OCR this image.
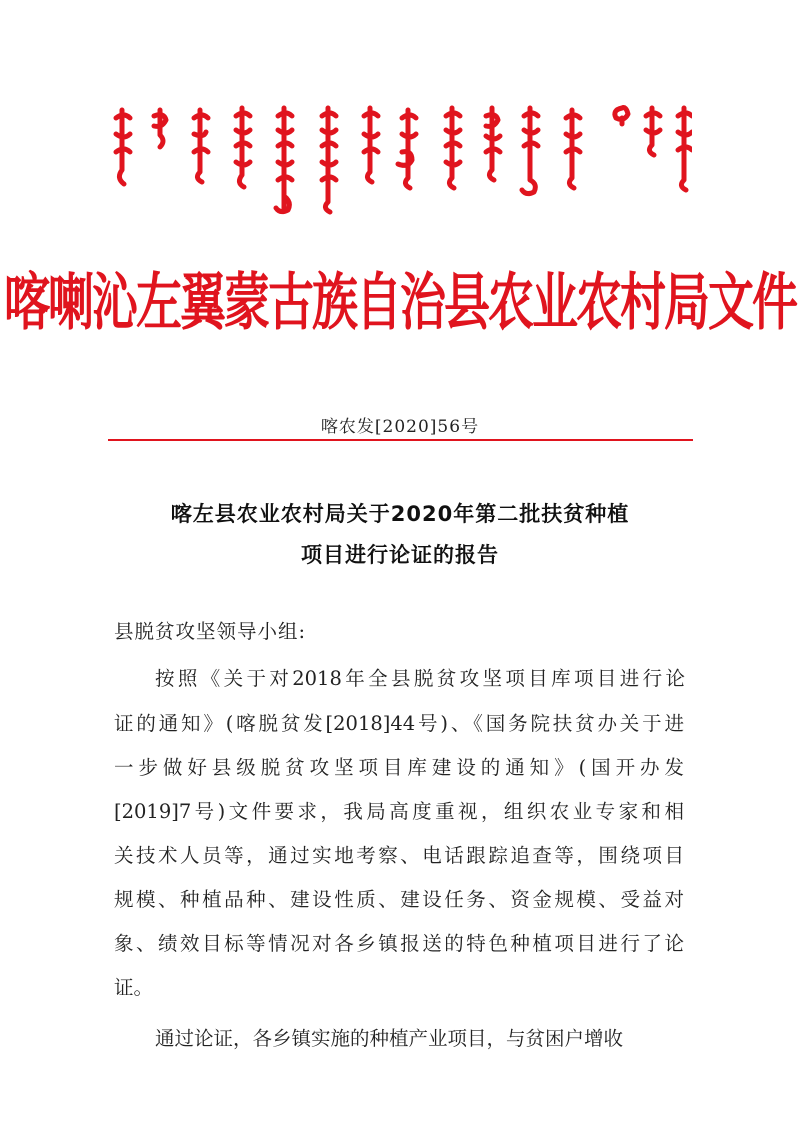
喀喇沁左翼蒙古族自治县农业农村局文件
喀农发[2020]56号
喀左县农业农村局关于2020年第二批扶贫种植
项目进行论证的报告
县脱贫攻坚领导小组:
按照《关于对2018年全县脱贫攻坚项目库项目进行论
证的通知》(喀脱贫发[2018]44号)、《国务院扶贫办关于进
一步做好县级脱贫攻坚项目库建设的通知》(国开办发
[2019]7号)文件要求，我局高度重视，组织农业专家和相
关技术人员等，通过实地考察、电话跟踪追查等，围绕项目
规模、种植品种、建设性质、建设任务、资金规模、受益对
象、绩效目标等情况对各乡镇报送的特色种植项目进行了论
证。
通过论证，各乡镇实施的种植产业项目，与贫困户增收
